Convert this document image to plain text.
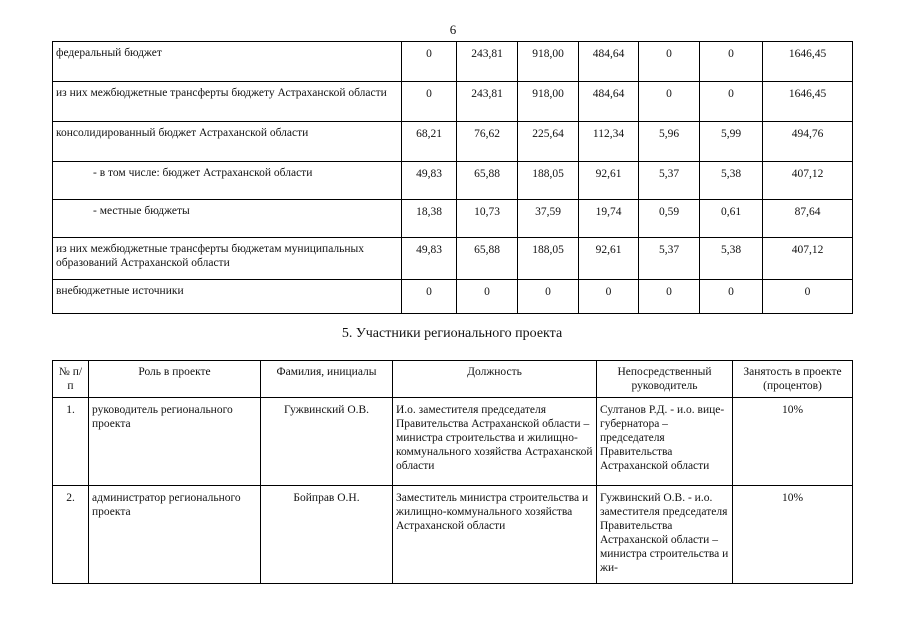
6
федеральный бюджет	0	243,81	918,00	484,64	0	0	1646,45
из них межбюджетные трансферты бюджету Астраханской области	0	243,81	918,00	484,64	0	0	1646,45
консолидированный бюджет Астраханской области	68,21	76,62	225,64	112,34	5,96	5,99	494,76
- в том числе: бюджет Астраханской области	49,83	65,88	188,05	92,61	5,37	5,38	407,12
- местные бюджеты	18,38	10,73	37,59	19,74	0,59	0,61	87,64
из них межбюджетные трансферты бюджетам муниципальных образований Астраханской области	49,83	65,88	188,05	92,61	5,37	5,38	407,12
внебюджетные источники	0	0	0	0	0	0	0
5. Участники регионального проекта
№ п/п	Роль в проекте	Фамилия, инициалы	Должность	Непосредственный руководитель	Занятость в проекте (процентов)
1.	руководитель регионального проекта	Гужвинский О.В.	И.о. заместителя председателя Правительства Астраханской области – министра строительства и жилищно-коммунального хозяйства Астраханской области	Султанов Р.Д. - и.о. вице-губернатора – председателя Правительства Астраханской области	10%
2.	администратор регионального проекта	Бойправ О.Н.	Заместитель министра строительства и жилищно-коммунального хозяйства Астраханской области	Гужвинский О.В. - и.о. заместителя председателя Правительства Астраханской области – министра строительства и жи-	10%
